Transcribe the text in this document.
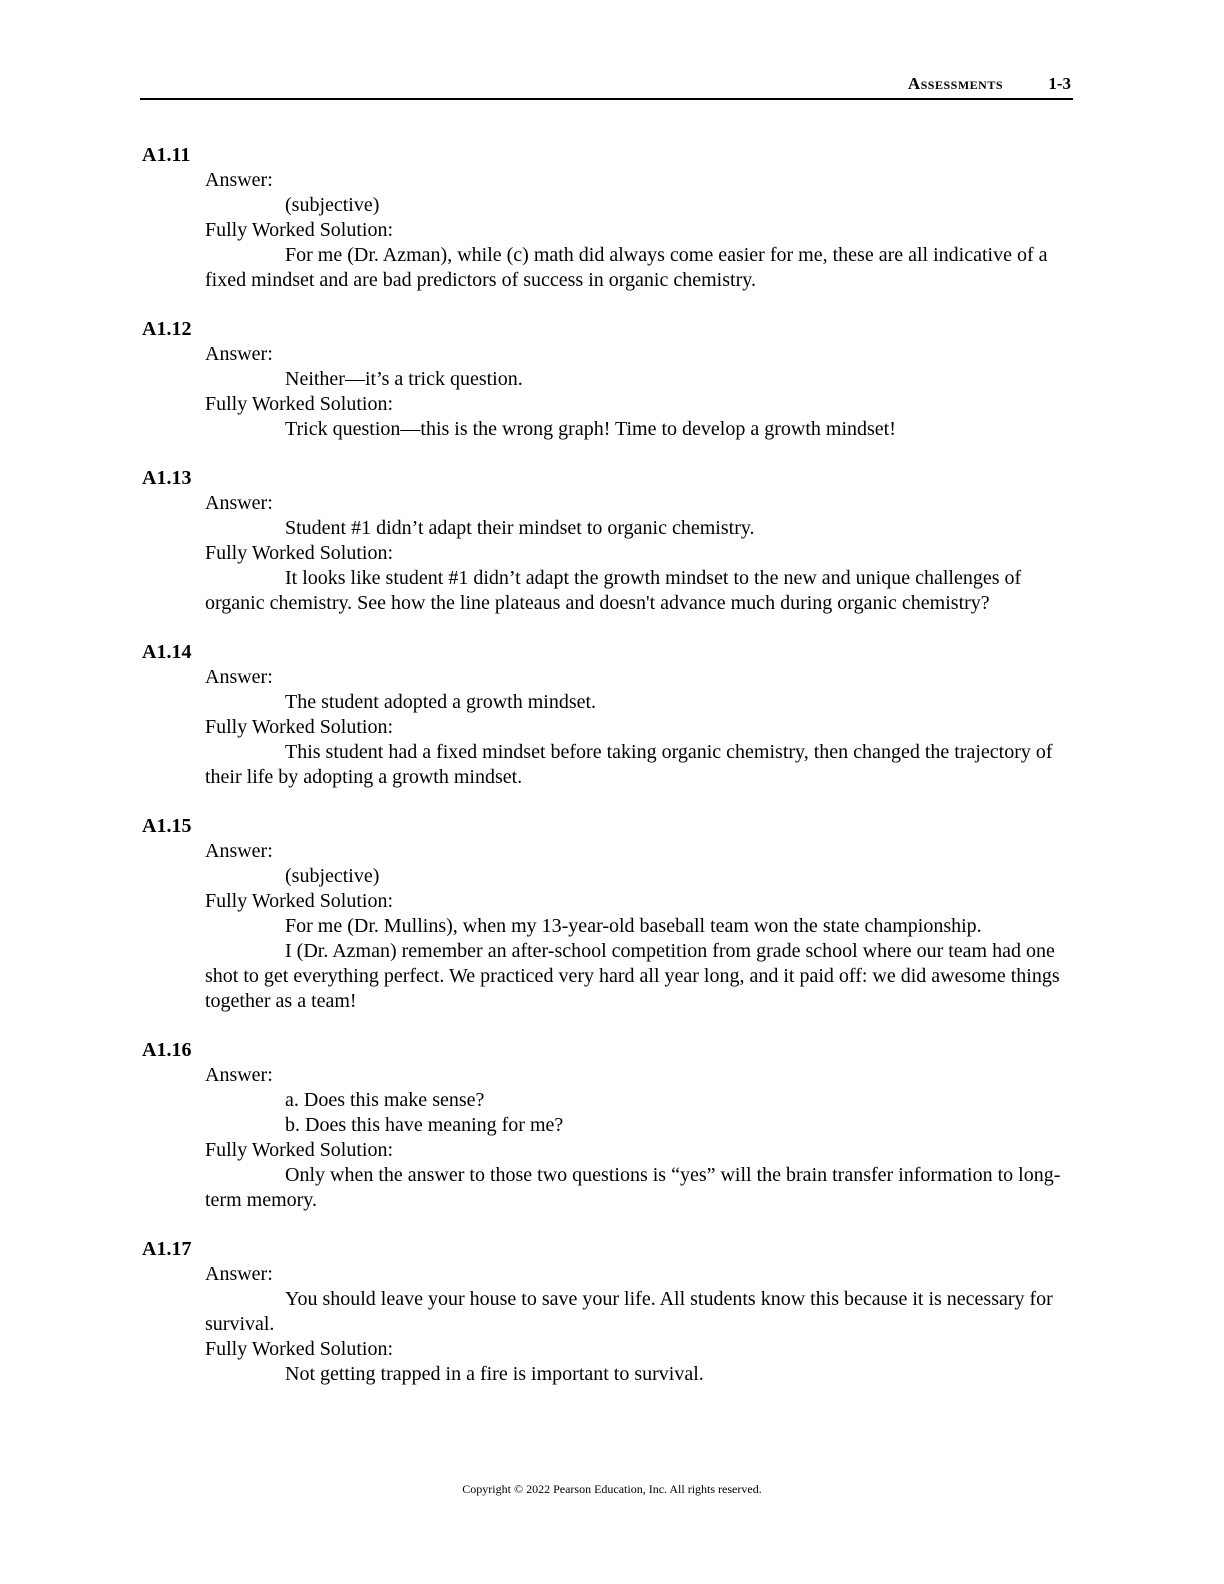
Assessments	1-3
A1.11
Answer:
(subjective)
Fully Worked Solution:
For me (Dr. Azman), while (c) math did always come easier for me, these are all indicative of a fixed mindset and are bad predictors of success in organic chemistry.
A1.12
Answer:
Neither—it’s a trick question.
Fully Worked Solution:
Trick question—this is the wrong graph! Time to develop a growth mindset!
A1.13
Answer:
Student #1 didn’t adapt their mindset to organic chemistry.
Fully Worked Solution:
It looks like student #1 didn’t adapt the growth mindset to the new and unique challenges of organic chemistry. See how the line plateaus and doesn't advance much during organic chemistry?
A1.14
Answer:
The student adopted a growth mindset.
Fully Worked Solution:
This student had a fixed mindset before taking organic chemistry, then changed the trajectory of their life by adopting a growth mindset.
A1.15
Answer:
(subjective)
Fully Worked Solution:
For me (Dr. Mullins), when my 13-year-old baseball team won the state championship.
I (Dr. Azman) remember an after-school competition from grade school where our team had one shot to get everything perfect. We practiced very hard all year long, and it paid off: we did awesome things together as a team!
A1.16
Answer:
a. Does this make sense?
b. Does this have meaning for me?
Fully Worked Solution:
Only when the answer to those two questions is “yes” will the brain transfer information to long-term memory.
A1.17
Answer:
You should leave your house to save your life. All students know this because it is necessary for survival.
Fully Worked Solution:
Not getting trapped in a fire is important to survival.
Copyright © 2022 Pearson Education, Inc. All rights reserved.
